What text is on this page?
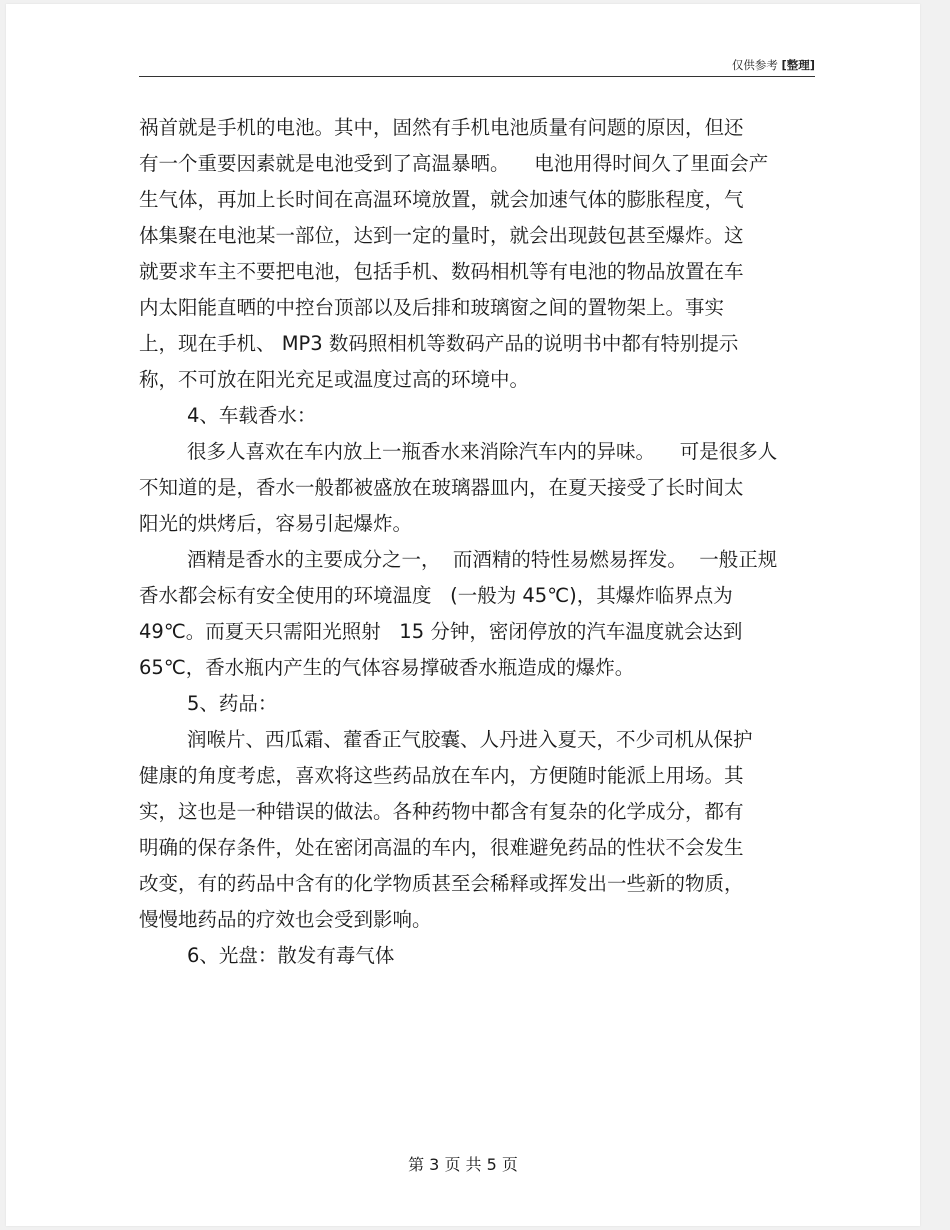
仅供参考 [整理]
祸首就是手机的电池。其中，固然有手机电池质量有问题的原因，但还
有一个重要因素就是电池受到了高温暴晒。    电池用得时间久了里面会产
生气体，再加上长时间在高温环境放置，就会加速气体的膨胀程度，气
体集聚在电池某一部位，达到一定的量时，就会出现鼓包甚至爆炸。这
就要求车主不要把电池，包括手机、数码相机等有电池的物品放置在车
内太阳能直晒的中控台顶部以及后排和玻璃窗之间的置物架上。事实
上，现在手机、 MP3 数码照相机等数码产品的说明书中都有特别提示
称，不可放在阳光充足或温度过高的环境中。
4、车载香水：
很多人喜欢在车内放上一瓶香水来消除汽车内的异味。    可是很多人
不知道的是，香水一般都被盛放在玻璃器皿内，在夏天接受了长时间太
阳光的烘烤后，容易引起爆炸。
酒精是香水的主要成分之一，  而酒精的特性易燃易挥发。  一般正规
香水都会标有安全使用的环境温度   (一般为 45℃)，其爆炸临界点为
49℃。而夏天只需阳光照射   15 分钟，密闭停放的汽车温度就会达到
65℃，香水瓶内产生的气体容易撑破香水瓶造成的爆炸。
5、药品：
润喉片、西瓜霜、藿香正气胶囊、人丹进入夏天，不少司机从保护
健康的角度考虑，喜欢将这些药品放在车内，方便随时能派上用场。其
实，这也是一种错误的做法。各种药物中都含有复杂的化学成分，都有
明确的保存条件，处在密闭高温的车内，很难避免药品的性状不会发生
改变，有的药品中含有的化学物质甚至会稀释或挥发出一些新的物质，
慢慢地药品的疗效也会受到影响。
6、光盘：散发有毒气体
第 3 页 共 5 页
